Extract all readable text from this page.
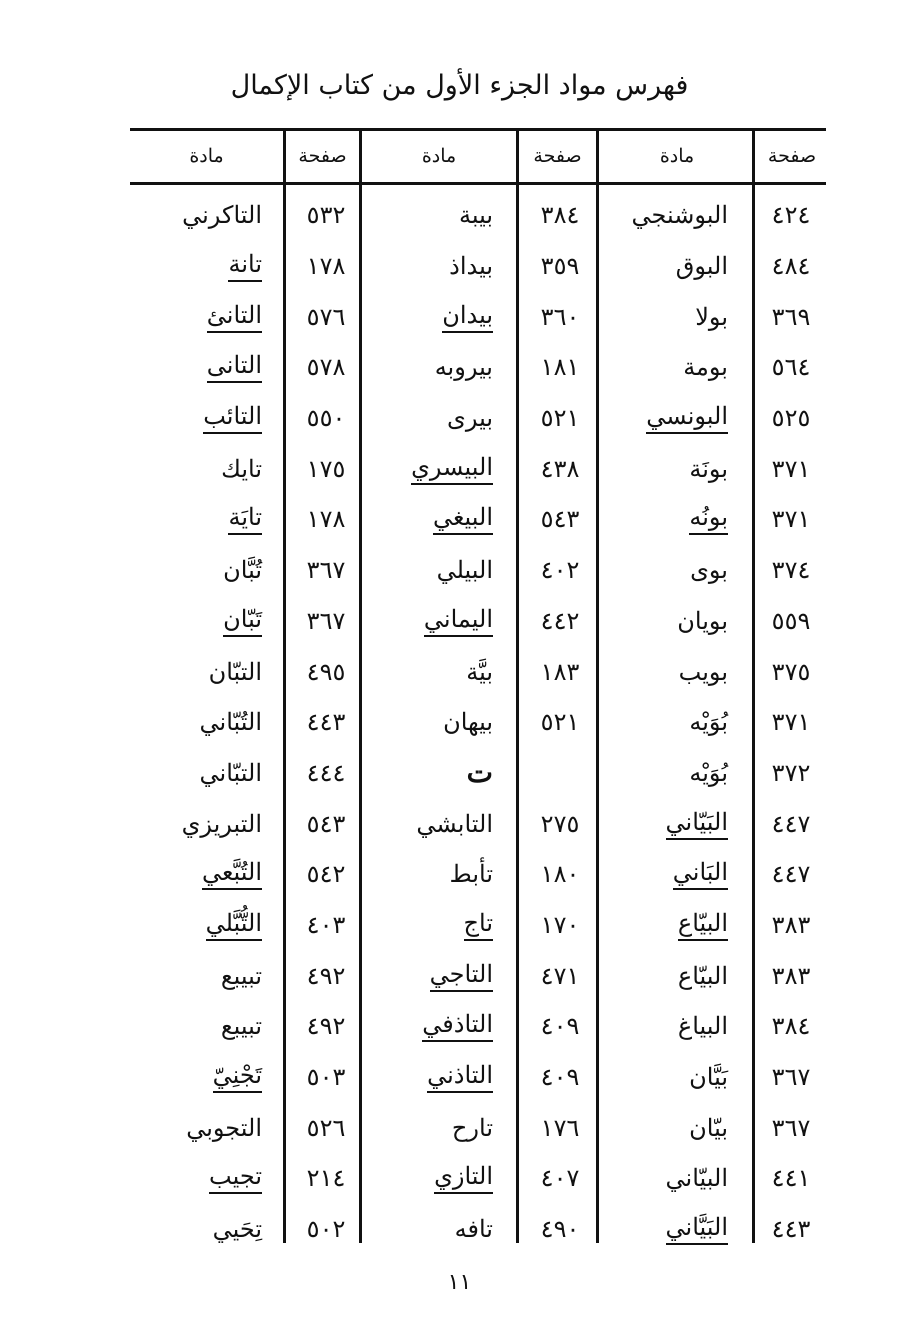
فهرس مواد الجزء الأول من كتاب الإكمال
صفحة
مادة
صفحة
مادة
صفحة
مادة
٤٢٤
البوشنجي
٣٨٤
بيبة
٥٣٢
التاكرني
٤٨٤
البوق
٣٥٩
بيداذ
١٧٨
تانة
٣٦٩
بولا
٣٦٠
بيدان
٥٧٦
التانئ
٥٦٤
بومة
١٨١
بيروبه
٥٧٨
التانى
٥٢٥
البونسي
٥٢١
بيرى
٥٥٠
التائب
٣٧١
بونَة
٤٣٨
البيسري
١٧٥
تايك
٣٧١
بونُه
٥٤٣
البيغي
١٧٨
تايَة
٣٧٤
بوى
٤٠٢
البيلي
٣٦٧
تُبَّان
٥٥٩
بويان
٤٤٢
اليماني
٣٦٧
تَبّان
٣٧٥
بويب
١٨٣
بيَّة
٤٩٥
التبّان
٣٧١
بُوَيْه
٥٢١
بيهان
٤٤٣
التُبّاني
٣٧٢
بُوَيْه
ت
٤٤٤
التبّاني
٤٤٧
البَيّاني
٢٧٥
التابشي
٥٤٣
التبريزي
٤٤٧
البَاني
١٨٠
تأبط
٥٤٢
التُبَّعي
٣٨٣
البيّاع
١٧٠
تاج
٤٠٣
التُّبَّلي
٣٨٣
البيّاع
٤٧١
التاجي
٤٩٢
تبيبع
٣٨٤
البياغ
٤٠٩
التاذفي
٤٩٢
تبيبع
٣٦٧
بَيَّان
٤٠٩
التاذني
٥٠٣
تَجْنِيّ
٣٦٧
بيّان
١٧٦
تارح
٥٢٦
التجوبي
٤٤١
البيّاني
٤٠٧
التازي
٢١٤
تجيب
٤٤٣
البَيَّاني
٤٩٠
تافه
٥٠٢
تِحَيي
١١
